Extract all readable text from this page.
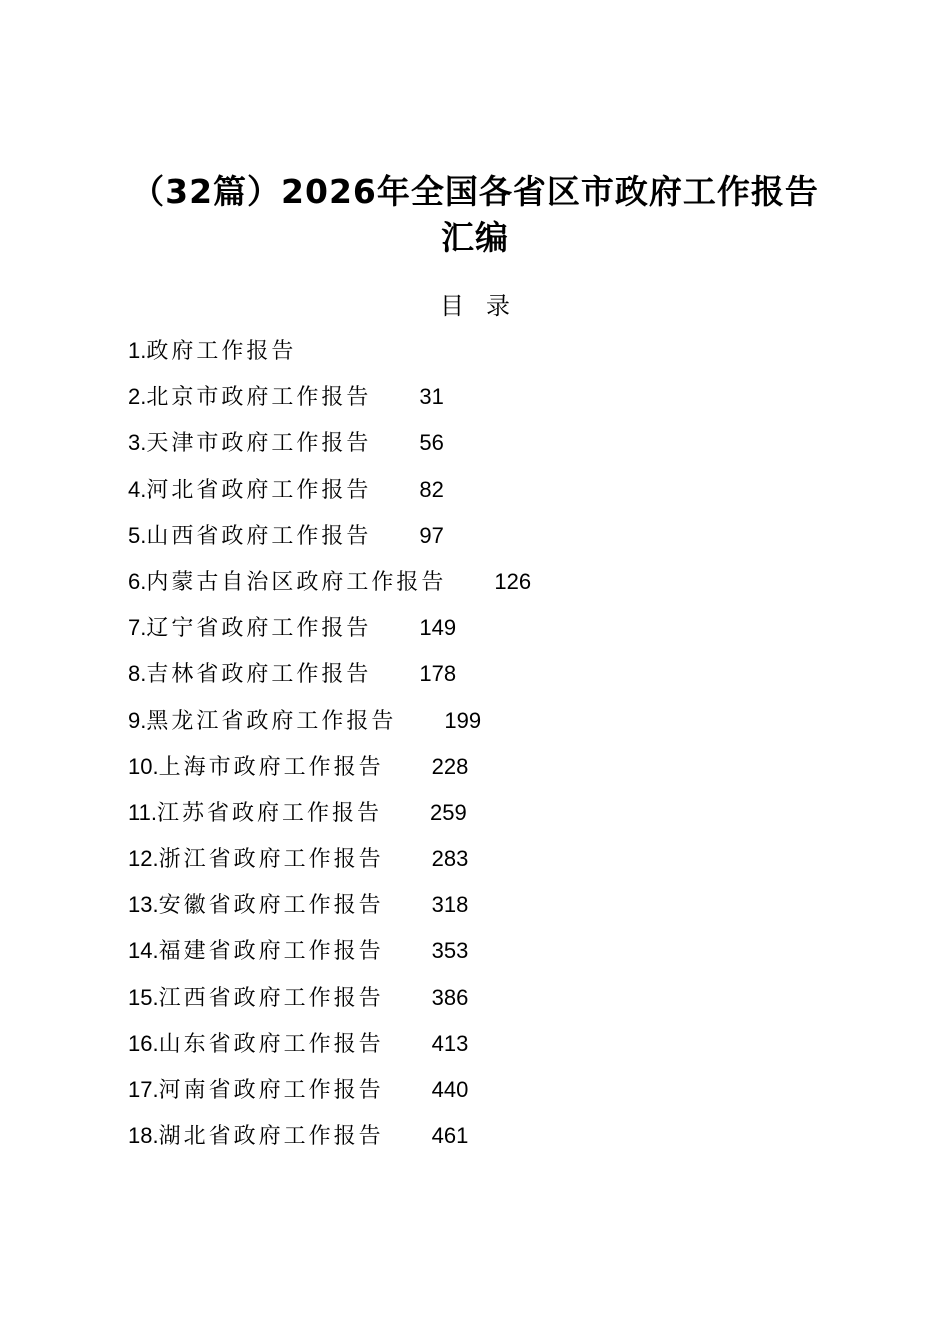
（32篇）2026年全国各省区市政府工作报告
汇编
目录
1.政府工作报告
2.北京市政府工作报告 31
3.天津市政府工作报告 56
4.河北省政府工作报告 82
5.山西省政府工作报告 97
6.内蒙古自治区政府工作报告 126
7.辽宁省政府工作报告 149
8.吉林省政府工作报告 178
9.黑龙江省政府工作报告 199
10.上海市政府工作报告 228
11.江苏省政府工作报告 259
12.浙江省政府工作报告 283
13.安徽省政府工作报告 318
14.福建省政府工作报告 353
15.江西省政府工作报告 386
16.山东省政府工作报告 413
17.河南省政府工作报告 440
18.湖北省政府工作报告 461
